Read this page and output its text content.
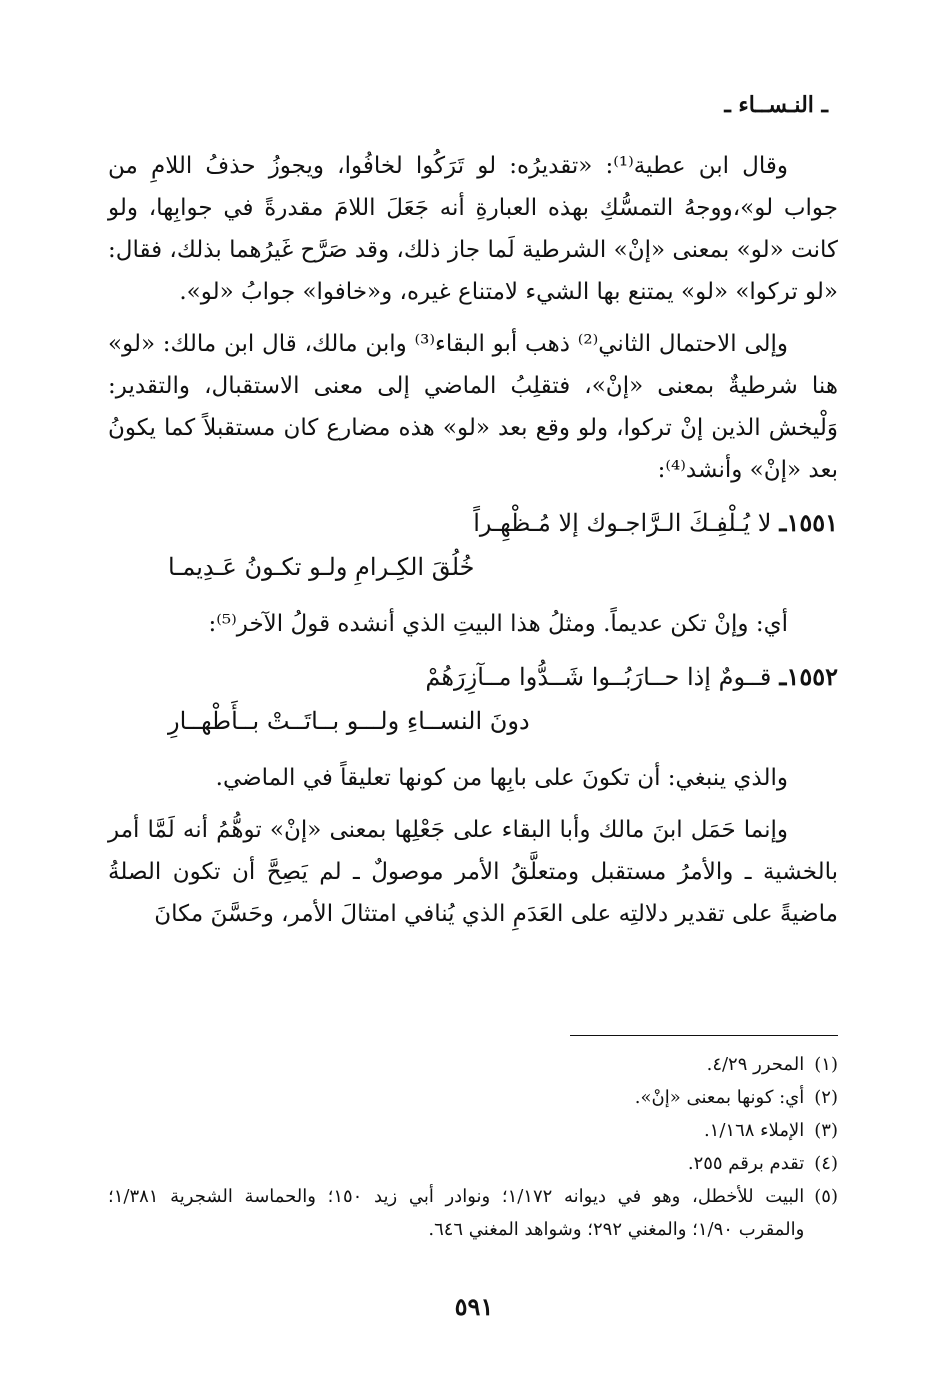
ـ النـســاء ـ

وقال ابن عطية⁽¹⁾: «تقديرُه: لو تَرَكُوا لخافُوا، ويجوزُ حذفُ اللامِ من جواب لو»،ووجهُ التمسُّكِ بهذه العبارةِ أنه جَعَلَ اللامَ مقدرةً في جوابِها، ولو كانت «لو» بمعنى «إنْ» الشرطية لَما جاز ذلك، وقد صَرَّح غَيرُهما بذلك، فقال: «لو تركوا» «لو» يمتنع بها الشيء لامتناع غيره، و«خافوا» جوابُ «لو».

وإلى الاحتمال الثاني⁽²⁾ ذهب أبو البقاء⁽³⁾ وابن مالك، قال ابن مالك: «لو» هنا شرطيةٌ بمعنى «إنْ»، فتقلِبُ الماضي إلى معنى الاستقبال، والتقدير: وَلْيخش الذين إنْ تركوا، ولو وقع بعد «لو» هذه مضارع كان مستقبلاً كما يكونُ بعد «إنْ» وأنشد⁽⁴⁾:

١٥٥١ـ
لا يُـلْفِـكَ الـرَّاجـوك إلا مُـظْهِـراً
خُلُقَ الكِـرامِ ولـو تكـونُ عَـدِيمـا

أي: وإنْ تكن عديماً. ومثلُ هذا البيتِ الذي أنشده قولُ الآخر⁽⁵⁾:

١٥٥٢ـ
قــومٌ إذا حــارَبُــوا شَــدُّوا مــآزِرَهُمْ
دونَ النســاءِ ولـــو بــاتَــتْ بــأَطْهــارِ

والذي ينبغي: أن تكونَ على بابِها من كونها تعليقاً في الماضي.

وإنما حَمَل ابنَ مالك وأبا البقاء على جَعْلِها بمعنى «إنْ» توهُّمُ أنه لَمَّا أمر بالخشية ـ والأمرُ مستقبل ومتعلَّقُ الأمر موصولٌ ـ لم يَصِحَّ أن تكون الصلةُ ماضيةً على تقدير دلالتِه على العَدَمِ الذي يُنافي امتثالَ الأمر، وحَسَّنَ مكانَ

(١)
المحرر ٤/٢٩.
(٢)
أي: كونها بمعنى «إنْ».
(٣)
الإملاء ١/١٦٨.
(٤)
تقدم برقم ٢٥٥.
(٥)
البيت للأخطل، وهو في ديوانه ١/١٧٢؛ ونوادر أبي زيد ١٥٠؛ والحماسة الشجرية ١/٣٨١؛ والمقرب ١/٩٠؛ والمغني ٢٩٢؛ وشواهد المغني ٦٤٦.
٥٩١
